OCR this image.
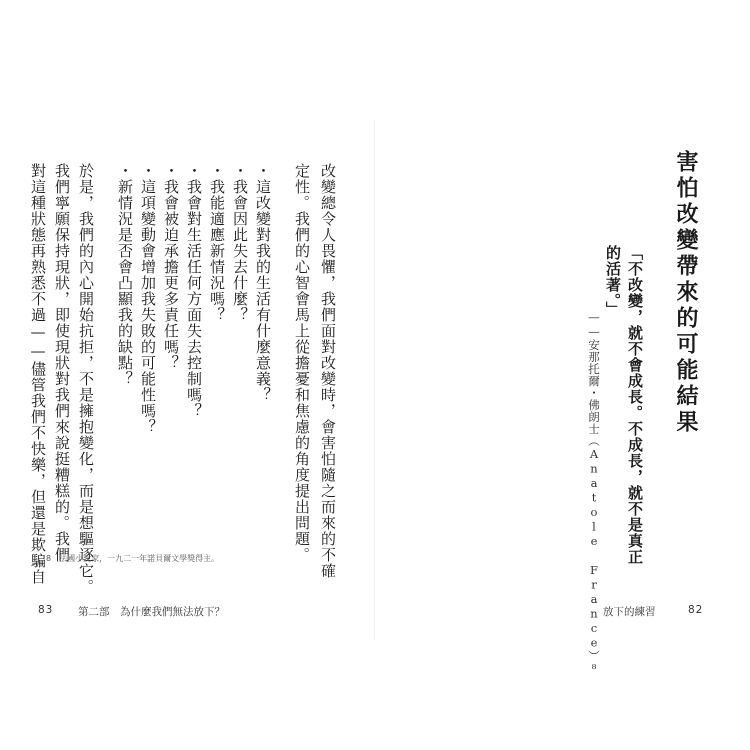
改變總令人畏懼，我們面對改變時，會害怕隨之而來的不確
定性。我們的心智會馬上從擔憂和焦慮的角度提出問題。
・這改變對我的生活有什麼意義？
・我會因此失去什麼？
・我能適應新情況嗎？
・我會對生活任何方面失去控制嗎？
・我會被迫承擔更多責任嗎？
・這項變動會增加我失敗的可能性嗎？
・新情況是否會凸顯我的缺點？
於是，我們的內心開始抗拒，不是擁抱變化，而是想驅逐它。
我們寧願保持現狀，即使現狀對我們來說挺糟糕的。我們
對這種狀態再熟悉不過——儘管我們不快樂，但還是欺騙自 8　法國小說家，一九二一年諾貝爾文學獎得主。
83 第二部　為什麼我們無法放下？
害怕改變帶來的可能結果
「不改變，就不會成長。不成長，就不是真正
的活著。」
——安那托爾・佛朗士（Anatole France）⁸ 放下的練習	82
